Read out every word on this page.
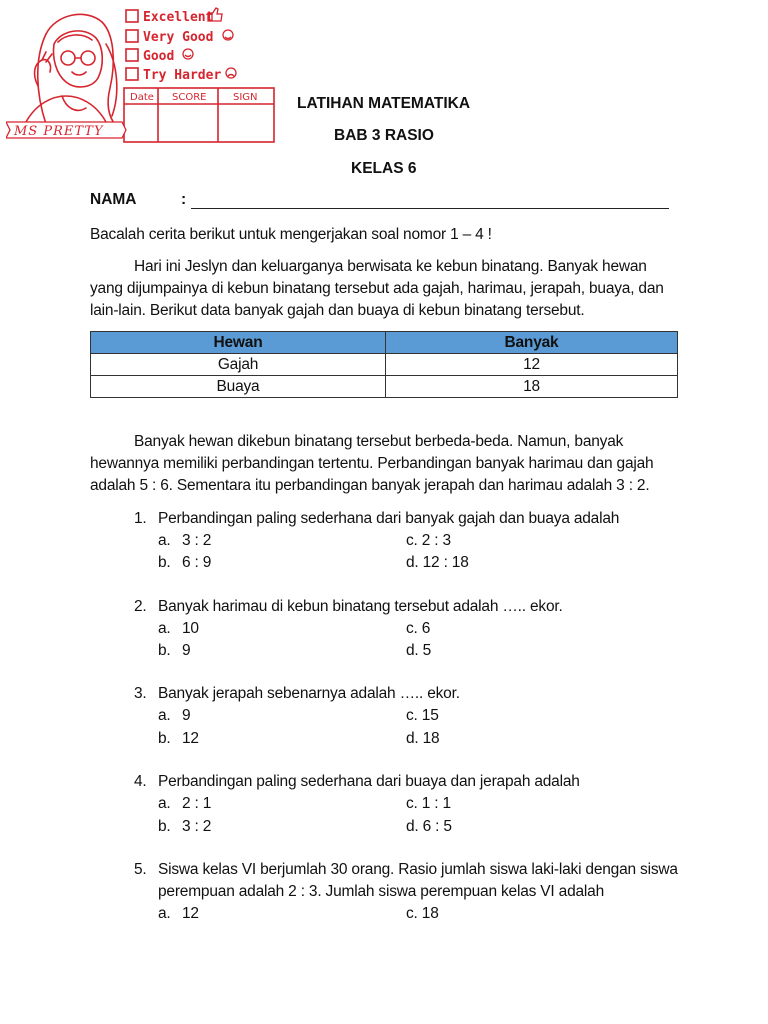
Excellent
Very Good
Good
Try Harder
Date SCORE	SIGN
MS PRETTY
LATIHAN MATEMATIKA
BAB 3 RASIO
KELAS 6
NAMA	:
Bacalah cerita berikut untuk mengerjakan soal nomor 1 – 4 !
Hari ini Jeslyn dan keluarganya berwisata ke kebun binatang. Banyak hewan yang dijumpainya di kebun binatang tersebut ada gajah, harimau, jerapah, buaya, dan lain-lain. Berikut data banyak gajah dan buaya di kebun binatang tersebut.
Hewan	Banyak
Gajah	12
Buaya	18
Banyak hewan dikebun binatang tersebut berbeda-beda. Namun, banyak hewannya memiliki perbandingan tertentu. Perbandingan banyak harimau dan gajah adalah 5 : 6. Sementara itu perbandingan banyak jerapah dan harimau adalah 3 : 2.
1. Perbandingan paling sederhana dari banyak gajah dan buaya adalah
a. 3 : 2
b. 6 : 9
c. 2 : 3
d. 12 : 18
2. Banyak harimau di kebun binatang tersebut adalah ….. ekor.
a. 10
b. 9
c. 6
d. 5
3. Banyak jerapah sebenarnya adalah ….. ekor.
a. 9
b. 12
c. 15
d. 18
4. Perbandingan paling sederhana dari buaya dan jerapah adalah
a. 2 : 1
b. 3 : 2
c. 1 : 1
d. 6 : 5
5. Siswa kelas VI berjumlah 30 orang. Rasio jumlah siswa laki-laki dengan siswa perempuan adalah 2 : 3. Jumlah siswa perempuan kelas VI adalah
a. 12	c. 18
